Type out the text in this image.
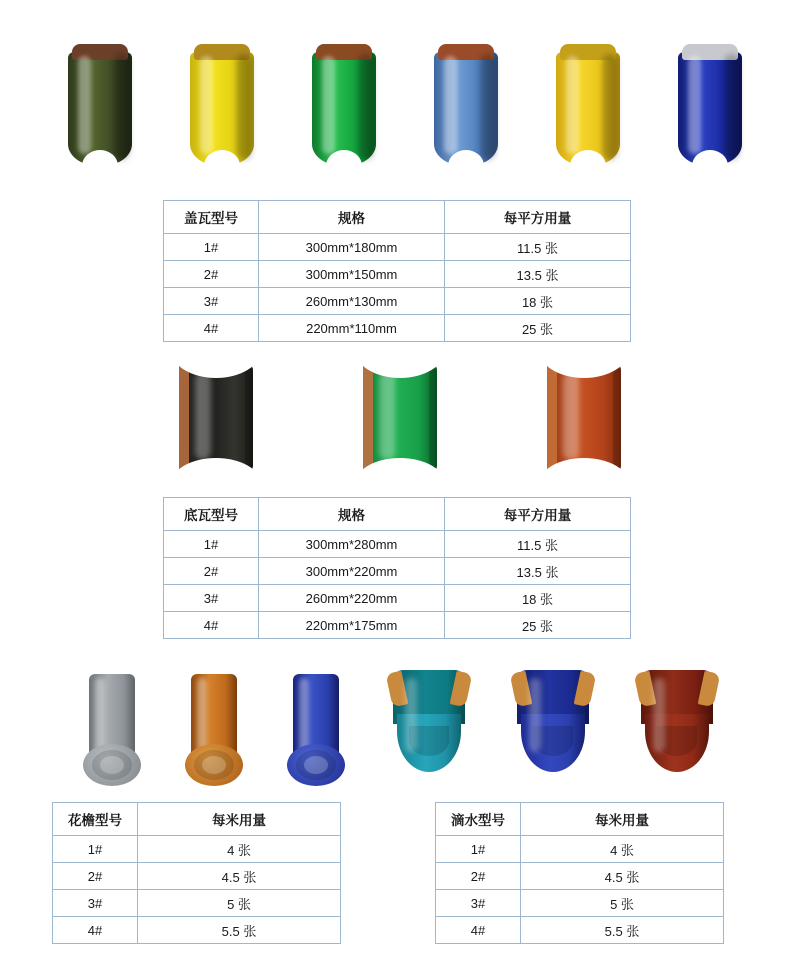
盖瓦型号	规格	每平方用量
1#	300mm*180mm	11.5 张
2#	300mm*150mm	13.5 张
3#	260mm*130mm	18 张
4#	220mm*110mm	25 张
底瓦型号	规格	每平方用量
1#	300mm*280mm	11.5 张
2#	300mm*220mm	13.5 张
3#	260mm*220mm	18 张
4#	220mm*175mm	25 张
花檐型号	每米用量
1#	4 张
2#	4.5 张
3#	5 张
4#	5.5 张
滴水型号	每米用量
1#	4 张
2#	4.5 张
3#	5 张
4#	5.5 张
